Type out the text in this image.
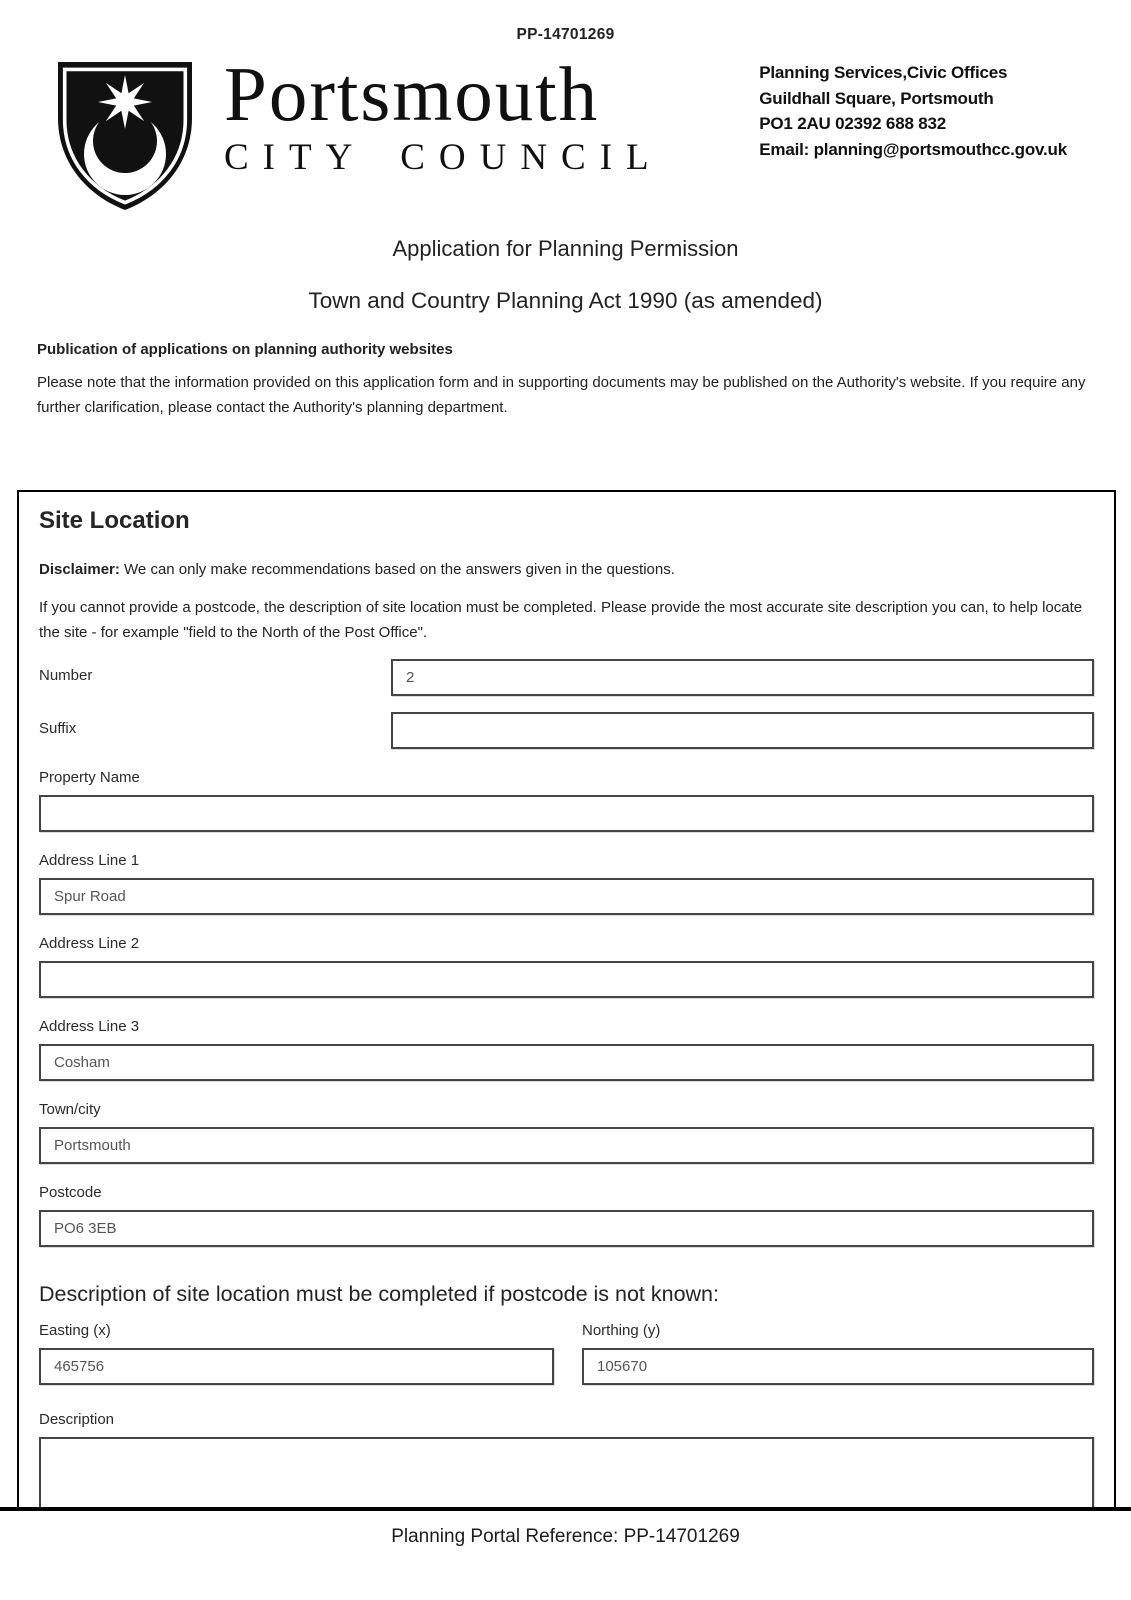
PP-14701269
Portsmouth
CITY COUNCIL
Planning Services,Civic Offices
Guildhall Square, Portsmouth
PO1 2AU 02392 688 832
Email: planning@portsmouthcc.gov.uk
Application for Planning Permission
Town and Country Planning Act 1990 (as amended)
Publication of applications on planning authority websites
Please note that the information provided on this application form and in supporting documents may be published on the Authority's website. If you require any further clarification, please contact the Authority's planning department.
Site Location
Disclaimer: We can only make recommendations based on the answers given in the questions.
If you cannot provide a postcode, the description of site location must be completed. Please provide the most accurate site description you can, to help locate the site - for example "field to the North of the Post Office".
Number
2
Suffix
Property Name
Address Line 1
Spur Road
Address Line 2
Address Line 3
Cosham
Town/city
Portsmouth
Postcode
PO6 3EB
Description of site location must be completed if postcode is not known:
Easting (x)
465756	Northing (y)
105670
Description
Planning Portal Reference: PP-14701269
